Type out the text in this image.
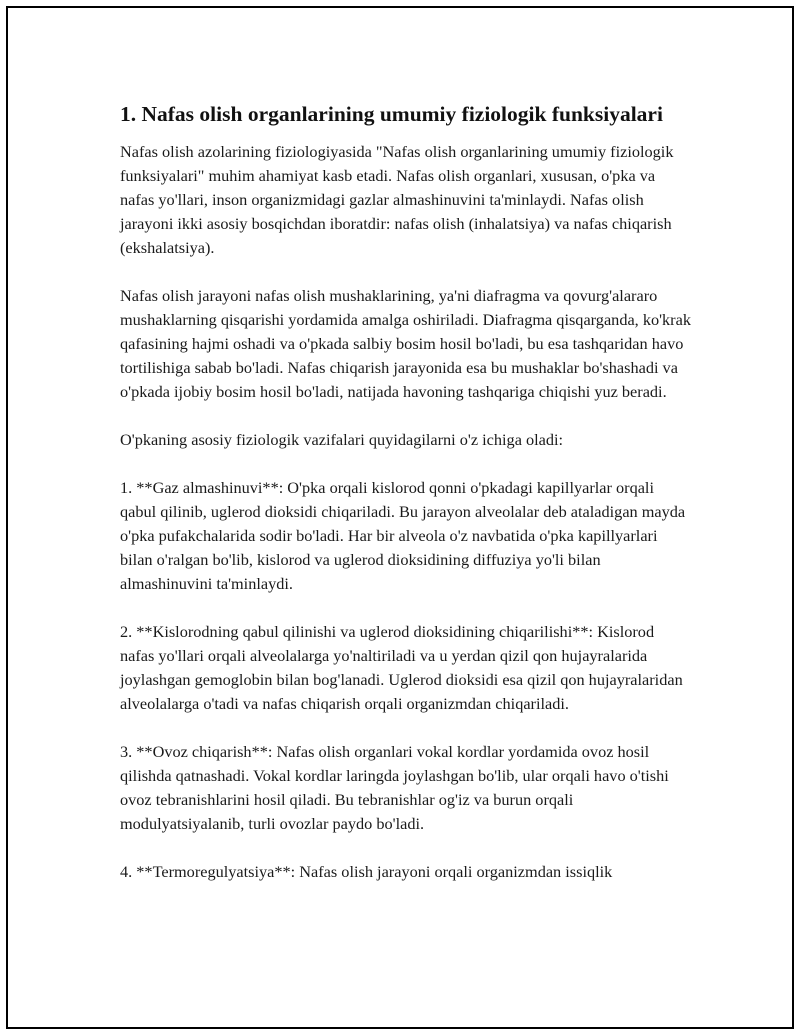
1. Nafas olish organlarining umumiy fiziologik funksiyalari

Nafas olish azolarining fiziologiyasida "Nafas olish organlarining umumiy fiziologik funksiyalari" muhim ahamiyat kasb etadi. Nafas olish organlari, xususan, o'pka va nafas yo'llari, inson organizmidagi gazlar almashinuvini ta'minlaydi. Nafas olish jarayoni ikki asosiy bosqichdan iboratdir: nafas olish (inhalatsiya) va nafas chiqarish (ekshalatsiya).

Nafas olish jarayoni nafas olish mushaklarining, ya'ni diafragma va qovurg'alararo mushaklarning qisqarishi yordamida amalga oshiriladi. Diafragma qisqarganda, ko'krak qafasining hajmi oshadi va o'pkada salbiy bosim hosil bo'ladi, bu esa tashqaridan havo tortilishiga sabab bo'ladi. Nafas chiqarish jarayonida esa bu mushaklar bo'shashadi va o'pkada ijobiy bosim hosil bo'ladi, natijada havoning tashqariga chiqishi yuz beradi.

O'pkaning asosiy fiziologik vazifalari quyidagilarni o'z ichiga oladi:

1. **Gaz almashinuvi**: O'pka orqali kislorod qonni o'pkadagi kapillyarlar orqali qabul qilinib, uglerod dioksidi chiqariladi. Bu jarayon alveolalar deb ataladigan mayda o'pka pufakchalarida sodir bo'ladi. Har bir alveola o'z navbatida o'pka kapillyarlari bilan o'ralgan bo'lib, kislorod va uglerod dioksidining diffuziya yo'li bilan almashinuvini ta'minlaydi.

2. **Kislorodning qabul qilinishi va uglerod dioksidining chiqarilishi**: Kislorod nafas yo'llari orqali alveolalarga yo'naltiriladi va u yerdan qizil qon hujayralarida joylashgan gemoglobin bilan bog'lanadi. Uglerod dioksidi esa qizil qon hujayralaridan alveolalarga o'tadi va nafas chiqarish orqali organizmdan chiqariladi.

3. **Ovoz chiqarish**: Nafas olish organlari vokal kordlar yordamida ovoz hosil qilishda qatnashadi. Vokal kordlar laringda joylashgan bo'lib, ular orqali havo o'tishi ovoz tebranishlarini hosil qiladi. Bu tebranishlar og'iz va burun orqali modulyatsiyalanib, turli ovozlar paydo bo'ladi.

4. **Termoregulyatsiya**: Nafas olish jarayoni orqali organizmdan issiqlik
